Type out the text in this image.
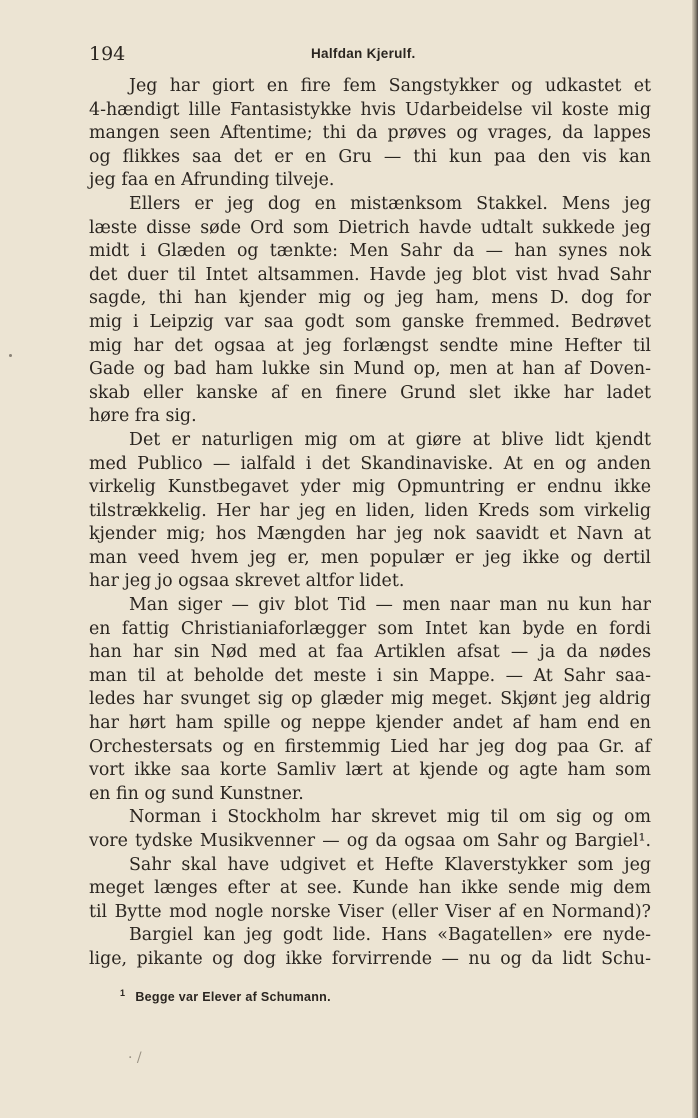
194	Halfdan Kjerulf.
Jeg har giort en fire fem Sangstykker og udkastet et
4-hændigt lille Fantasistykke hvis Udarbeidelse vil koste mig
mangen seen Aftentime; thi da prøves og vrages, da lappes
og flikkes saa det er en Gru — thi kun paa den vis kan
jeg faa en Afrunding tilveje.
Ellers er jeg dog en mistænksom Stakkel. Mens jeg
læste disse søde Ord som Dietrich havde udtalt sukkede jeg
midt i Glæden og tænkte: Men Sahr da — han synes nok
det duer til Intet altsammen. Havde jeg blot vist hvad Sahr
sagde, thi han kjender mig og jeg ham, mens D. dog for
mig i Leipzig var saa godt som ganske fremmed. Bedrøvet
mig har det ogsaa at jeg forlængst sendte mine Hefter til
Gade og bad ham lukke sin Mund op, men at han af Doven-
skab eller kanske af en finere Grund slet ikke har ladet
høre fra sig.
Det er naturligen mig om at giøre at blive lidt kjendt
med Publico — ialfald i det Skandinaviske. At en og anden
virkelig Kunstbegavet yder mig Opmuntring er endnu ikke
tilstrækkelig. Her har jeg en liden, liden Kreds som virkelig
kjender mig; hos Mængden har jeg nok saavidt et Navn at
man veed hvem jeg er, men populær er jeg ikke og dertil
har jeg jo ogsaa skrevet altfor lidet.
Man siger — giv blot Tid — men naar man nu kun har
en fattig Christianiaforlægger som Intet kan byde en fordi
han har sin Nød med at faa Artiklen afsat — ja da nødes
man til at beholde det meste i sin Mappe. — At Sahr saa-
ledes har svunget sig op glæder mig meget. Skjønt jeg aldrig
har hørt ham spille og neppe kjender andet af ham end en
Orchestersats og en firstemmig Lied har jeg dog paa Gr. af
vort ikke saa korte Samliv lært at kjende og agte ham som
en fin og sund Kunstner.
Norman i Stockholm har skrevet mig til om sig og om
vore tydske Musikvenner — og da ogsaa om Sahr og Bargiel¹.
Sahr skal have udgivet et Hefte Klaverstykker som jeg
meget længes efter at see. Kunde han ikke sende mig dem
til Bytte mod nogle norske Viser (eller Viser af en Normand)?
Bargiel kan jeg godt lide. Hans «Bagatellen» ere nyde-
lige, pikante og dog ikke forvirrende — nu og da lidt Schu-
$^1$ Begge var Elever af Schumann.
· /
